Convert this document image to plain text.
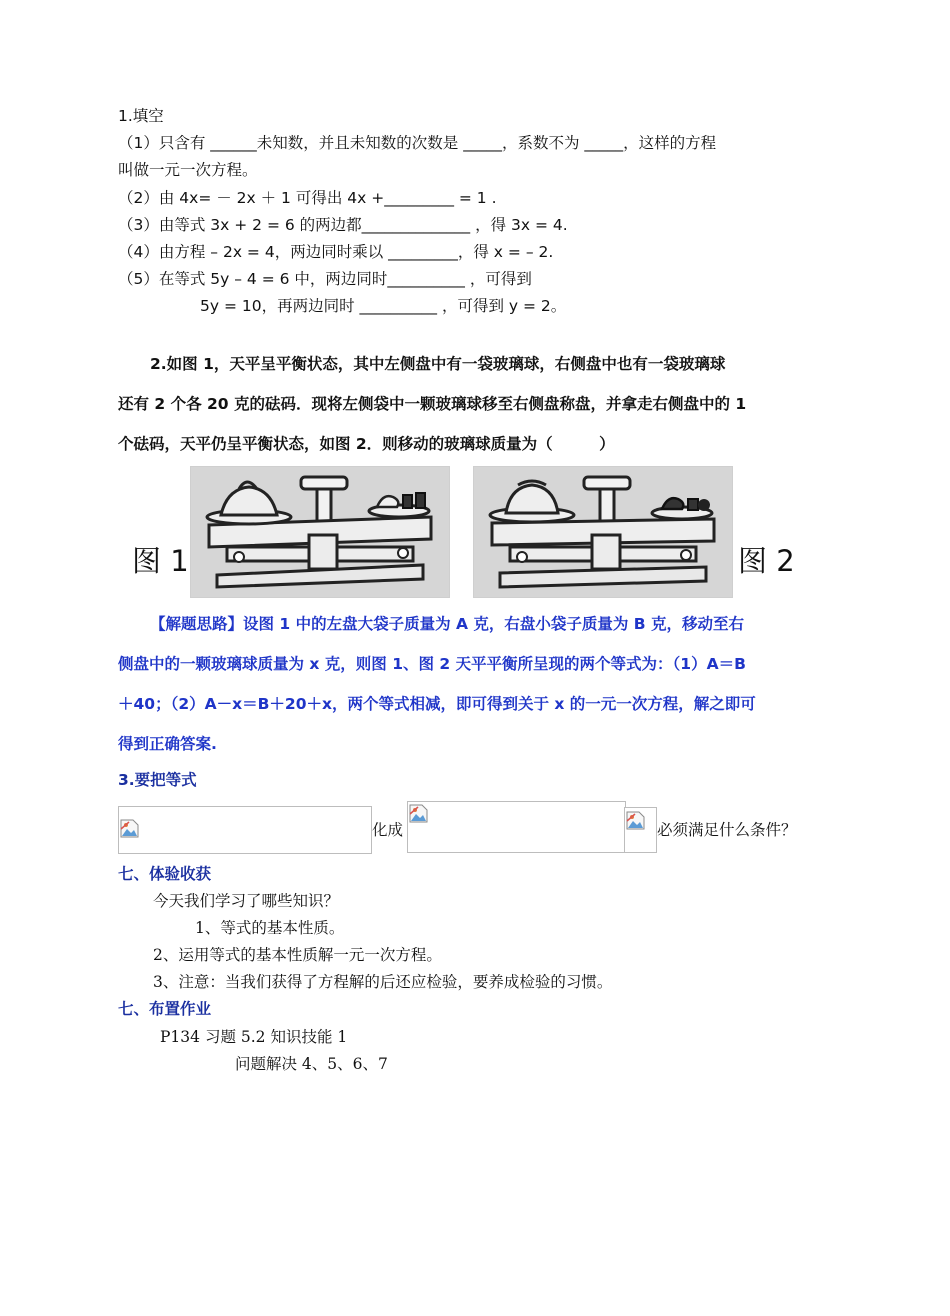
1.填空
（1）只含有 ______未知数，并且未知数的次数是 _____，系数不为 _____，这样的方程
叫做一元一次方程。
（2）由 4x= － 2x ＋ 1 可得出 4x +_________ = 1 .
（3）由等式 3x + 2 = 6 的两边都______________ ，得 3x = 4.
（4）由方程 – 2x = 4，两边同时乘以 _________，得 x = – 2.
（5）在等式 5y – 4 = 6 中，两边同时__________ ，可得到
5y = 10，再两边同时 __________ ，可得到 y = 2。
2.如图 1，天平呈平衡状态，其中左侧盘中有一袋玻璃球，右侧盘中也有一袋玻璃球
还有 2 个各 20 克的砝码．现将左侧袋中一颗玻璃球移至右侧盘称盘，并拿走右侧盘中的 1
个砝码，天平仍呈平衡状态，如图 2．则移动的玻璃球质量为（　　　）
图 1	图 2
【解题思路】设图 1 中的左盘大袋子质量为 A 克，右盘小袋子质量为 B 克，移动至右
侧盘中的一颗玻璃球质量为 x 克，则图 1、图 2 天平平衡所呈现的两个等式为：（1）A＝B
＋40；（2）A－x＝B＋20＋x，两个等式相减，即可得到关于 x 的一元一次方程，解之即可
得到正确答案.
3.要把等式
化成	必须满足什么条件？
七、体验收获
今天我们学习了哪些知识？
1、等式的基本性质。
2、运用等式的基本性质解一元一次方程。
3、注意：当我们获得了方程解的后还应检验，要养成检验的习惯。
七、布置作业
P134 习题 5.2 知识技能 1
问题解决 4、5、6、7
